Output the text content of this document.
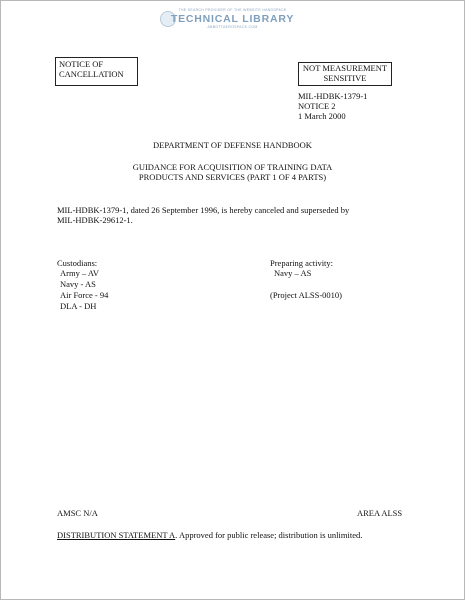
THE SEARCH PROVIDER OF THE WEBSITE HANDSPACE
TECHNICAL LIBRARY
ABBOTTAEROSPACE.COM
NOTICE OF
CANCELLATION
NOT MEASUREMENT
SENSITIVE
MIL-HDBK-1379-1
NOTICE 2
1 March 2000
DEPARTMENT OF DEFENSE HANDBOOK
GUIDANCE FOR ACQUISITION OF TRAINING DATA
PRODUCTS AND SERVICES (PART 1 OF 4 PARTS)
MIL-HDBK-1379-1, dated 26 September 1996, is hereby canceled and superseded by
MIL-HDBK-29612-1.
Custodians:
Army – AV
Navy - AS
Air Force - 94
DLA - DH
Preparing activity:
Navy – AS
(Project ALSS-0010)
AMSC N/A	AREA ALSS
DISTRIBUTION STATEMENT A. Approved for public release; distribution is unlimited.
